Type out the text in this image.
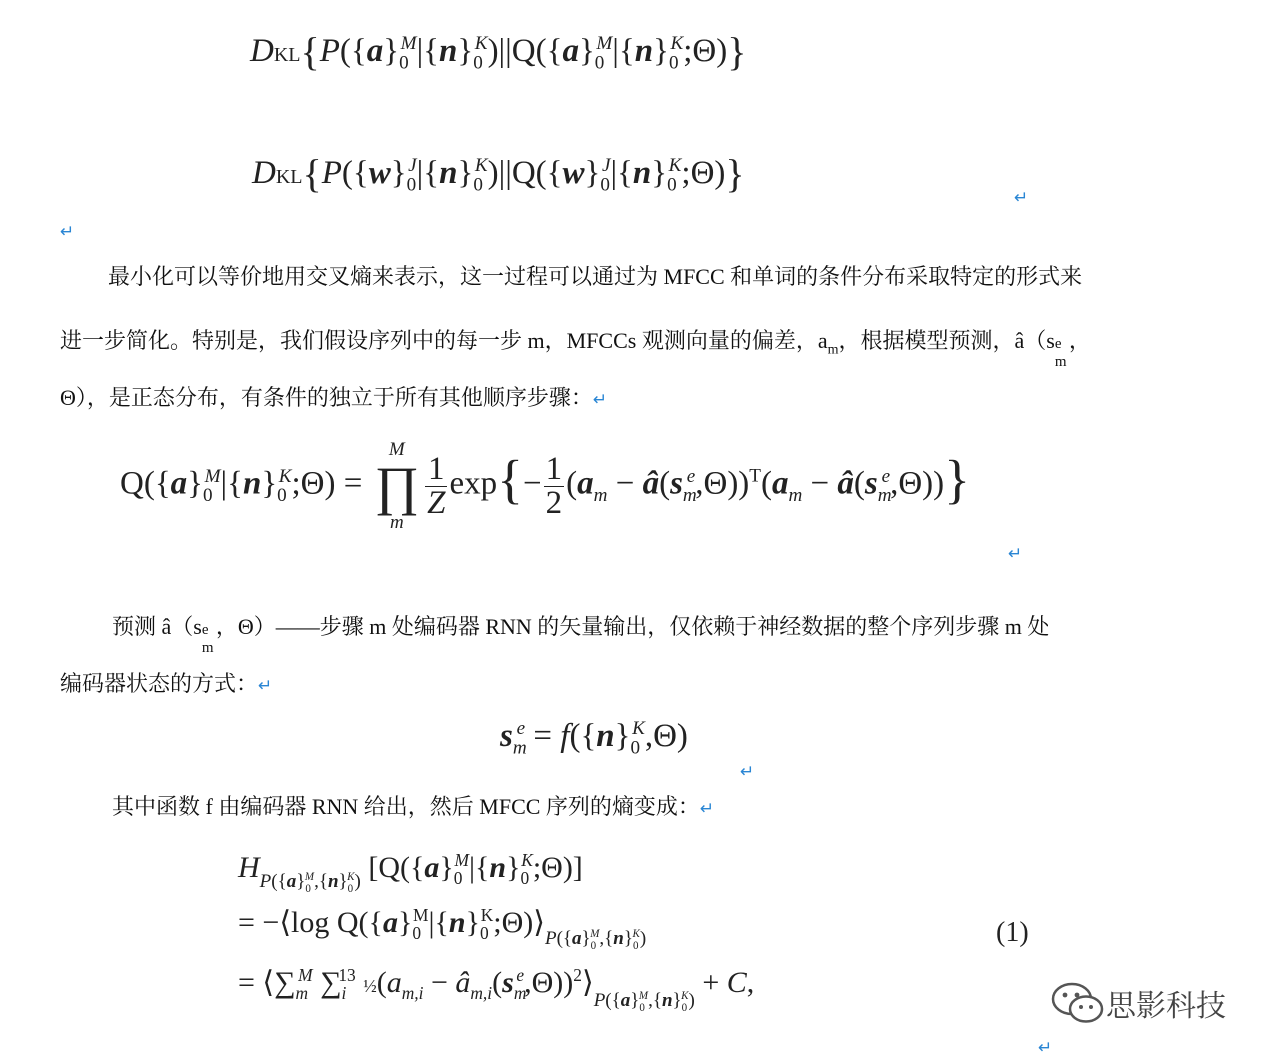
$DKL\{P(\{a\}_0^M|\{n\}_0^K)||Q(\{a\}_0^M|\{n\}_0^K;\Theta)\}$
$DKL\{P(\{w\}_0^J|\{n\}_0^K)||Q(\{w\}_0^J|\{n\}_0^K;\Theta)\}$
↵
↵
最小化可以等价地用交叉熵来表示，这一过程可以通过为 MFCC 和单词的条件分布采取特定的形式来
进一步简化。特别是，我们假设序列中的每一步 m，MFCCs 观测向量的偏差，$a_m$，根据模型预测，â（s e
m
，
Θ），是正态分布，有条件的独立于所有其他顺序步骤：↵
$Q(\{a\}_0^M|\{n\}_0^K;\Theta)$ =
M
∏
m
$\frac{1}{Z} \exp\{- \frac{1}{2} (a_m$ − $â(s_m^e,\Theta))^T(a_m$ − $â(s_m^e,\Theta)$)}
↵
预测 â（s e
m
，Θ）——步骤 m 处编码器 RNN 的矢量输出，仅依赖于神经数据的整个序列步骤 m 处
编码器状态的方式：↵
$s_m^e = f(\{n\}_0^K,\Theta)$
↵
其中函数 f 由编码器 RNN 给出，然后 MFCC 序列的熵变成：↵
$H_{P(\{a\}_0^M,\{n\}_0^K)}$ $[Q(\{a\}_0^M|\{n\}_0^K;\Theta)]$
= −⟨log $Q(\{a\}_0^M|\{n\}_0^K;\Theta)⟩_{P(\{a\}_0^M,\{n\}_0^K)}$
= $⟨\sum_m^M$ $\sum_i^{13}$ $\frac{1}{2}(a_{m,i}$ − $â_{m,i}(s_m^e,\Theta))^2⟩_{P(\{a\}_0^M,\{n\}_0^K)} + C$,
(1)
思影科技
↵
